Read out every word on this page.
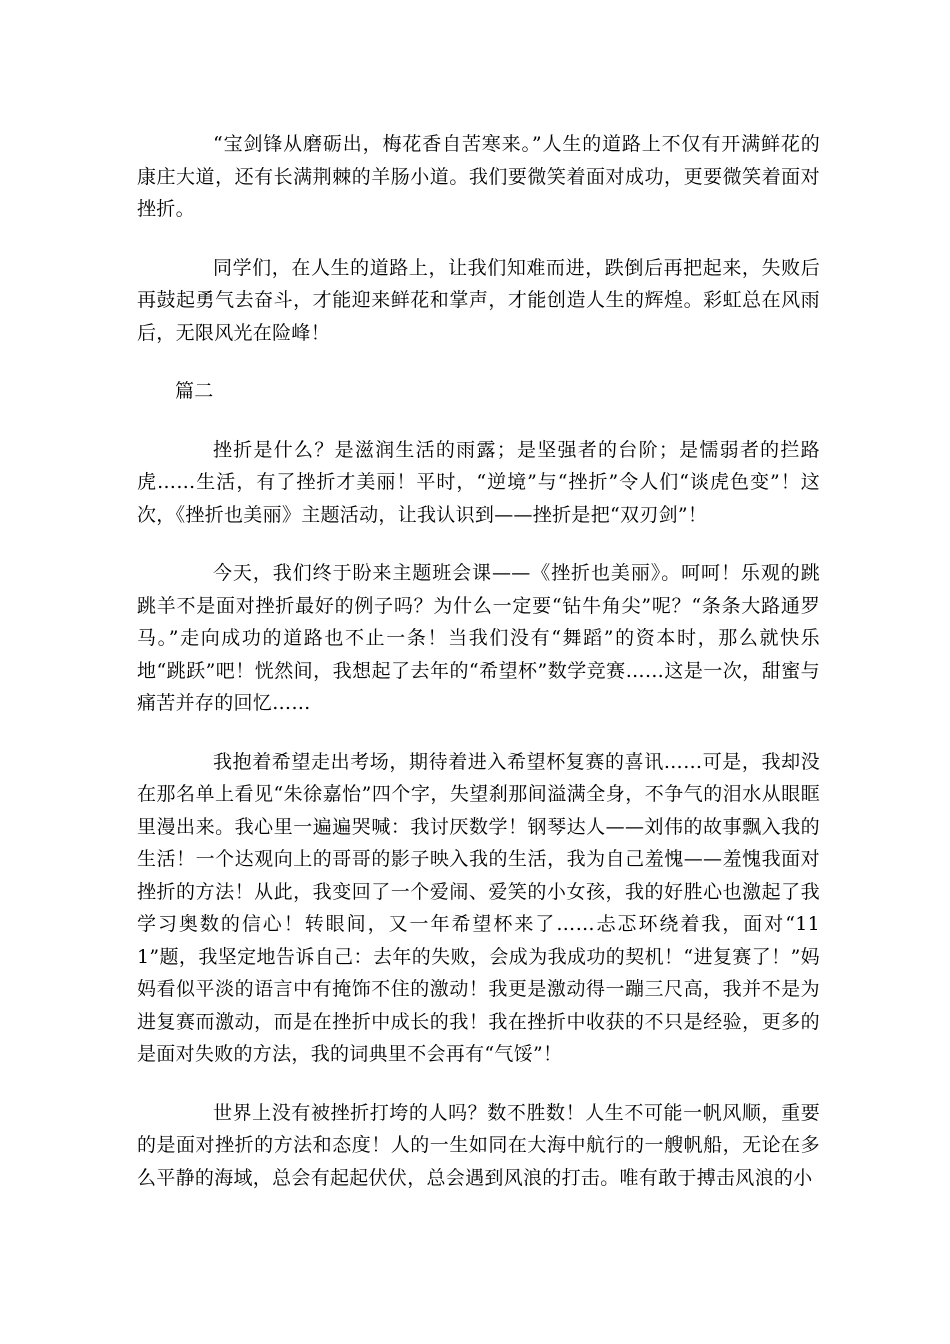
“宝剑锋从磨砺出，梅花香自苦寒来。”人生的道路上不仅有开满鲜花的康庄大道，还有长满荆棘的羊肠小道。我们要微笑着面对成功，更要微笑着面对挫折。

同学们，在人生的道路上，让我们知难而进，跌倒后再把起来，失败后再鼓起勇气去奋斗，才能迎来鲜花和掌声，才能创造人生的辉煌。彩虹总在风雨后，无限风光在险峰！

篇二

挫折是什么？是滋润生活的雨露；是坚强者的台阶；是懦弱者的拦路虎……生活，有了挫折才美丽！平时，“逆境”与“挫折”令人们“谈虎色变”！这次，《挫折也美丽》主题活动，让我认识到——挫折是把“双刃剑”！

今天，我们终于盼来主题班会课——《挫折也美丽》。呵呵！乐观的跳跳羊不是面对挫折最好的例子吗？为什么一定要“钻牛角尖”呢？“条条大路通罗马。”走向成功的道路也不止一条！当我们没有“舞蹈”的资本时，那么就快乐地“跳跃”吧！恍然间，我想起了去年的“希望杯”数学竞赛……这是一次，甜蜜与痛苦并存的回忆……

我抱着希望走出考场，期待着进入希望杯复赛的喜讯……可是，我却没在那名单上看见“朱徐嘉怡”四个字，失望刹那间溢满全身，不争气的泪水从眼眶里漫出来。我心里一遍遍哭喊：我讨厌数学！钢琴达人——刘伟的故事飘入我的生活！一个达观向上的哥哥的影子映入我的生活，我为自己羞愧——羞愧我面对挫折的方法！从此，我变回了一个爱闹、爱笑的小女孩，我的好胜心也激起了我学习奥数的信心！转眼间，又一年希望杯来了……忐忑环绕着我，面对“111”题，我坚定地告诉自己：去年的失败，会成为我成功的契机！“进复赛了！”妈妈看似平淡的语言中有掩饰不住的激动！我更是激动得一蹦三尺高，我并不是为进复赛而激动，而是在挫折中成长的我！我在挫折中收获的不只是经验，更多的是面对失败的方法，我的词典里不会再有“气馁”！

世界上没有被挫折打垮的人吗？数不胜数！人生不可能一帆风顺，重要的是面对挫折的方法和态度！人的一生如同在大海中航行的一艘帆船，无论在多么平静的海域，总会有起起伏伏，总会遇到风浪的打击。唯有敢于搏击风浪的小
